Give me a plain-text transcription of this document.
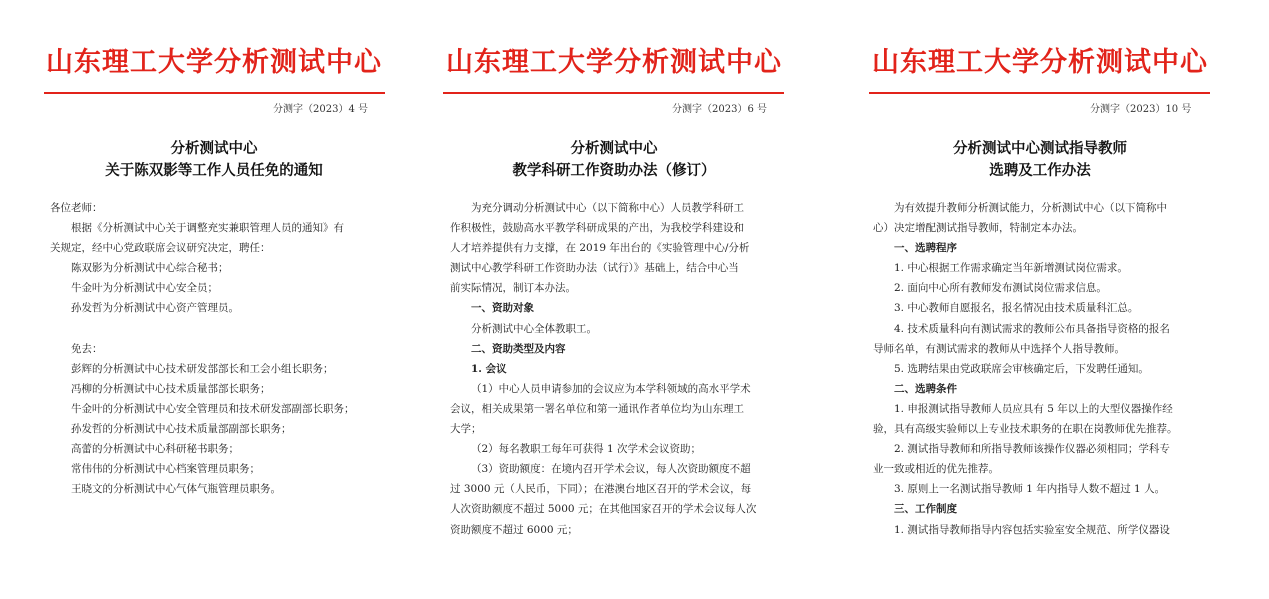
山东理工大学分析测试中心
分测字（2023）4 号
分析测试中心
关于陈双影等工作人员任免的通知
各位老师：
根据《分析测试中心关于调整充实兼职管理人员的通知》有
关规定，经中心党政联席会议研究决定，聘任：
陈双影为分析测试中心综合秘书；
牛金叶为分析测试中心安全员；
孙发哲为分析测试中心资产管理员。
免去：
彭辉的分析测试中心技术研发部部长和工会小组长职务；
冯柳的分析测试中心技术质量部部长职务；
牛金叶的分析测试中心安全管理员和技术研发部副部长职务；
孙发哲的分析测试中心技术质量部副部长职务；
高蕾的分析测试中心科研秘书职务；
常伟伟的分析测试中心档案管理员职务；
王晓文的分析测试中心气体气瓶管理员职务。
山东理工大学分析测试中心
分测字（2023）6 号
分析测试中心
教学科研工作资助办法（修订）
为充分调动分析测试中心（以下简称中心）人员教学科研工
作积极性，鼓励高水平教学科研成果的产出，为我校学科建设和
人才培养提供有力支撑，在 2019 年出台的《实验管理中心/分析
测试中心教学科研工作资助办法（试行）》基础上，结合中心当
前实际情况，制订本办法。
一、资助对象
分析测试中心全体教职工。
二、资助类型及内容
1. 会议
（1）中心人员申请参加的会议应为本学科领域的高水平学术
会议，相关成果第一署名单位和第一通讯作者单位均为山东理工
大学；
（2）每名教职工每年可获得 1 次学术会议资助；
（3）资助额度：在境内召开学术会议，每人次资助额度不超
过 3000 元（人民币，下同）；在港澳台地区召开的学术会议，每
人次资助额度不超过 5000 元；在其他国家召开的学术会议每人次
资助额度不超过 6000 元；
山东理工大学分析测试中心
分测字（2023）10 号
分析测试中心测试指导教师
选聘及工作办法
为有效提升教师分析测试能力，分析测试中心（以下简称中
心）决定增配测试指导教师，特制定本办法。
一、选聘程序
1. 中心根据工作需求确定当年新增测试岗位需求。
2. 面向中心所有教师发布测试岗位需求信息。
3. 中心教师自愿报名，报名情况由技术质量科汇总。
4. 技术质量科向有测试需求的教师公布具备指导资格的报名
导师名单，有测试需求的教师从中选择个人指导教师。
5. 选聘结果由党政联席会审核确定后，下发聘任通知。
二、选聘条件
1. 申报测试指导教师人员应具有 5 年以上的大型仪器操作经
验，具有高级实验师以上专业技术职务的在职在岗教师优先推荐。
2. 测试指导教师和所指导教师该操作仪器必须相同；学科专
业一致或相近的优先推荐。
3. 原则上一名测试指导教师 1 年内指导人数不超过 1 人。
三、工作制度
1. 测试指导教师指导内容包括实验室安全规范、所学仪器设
